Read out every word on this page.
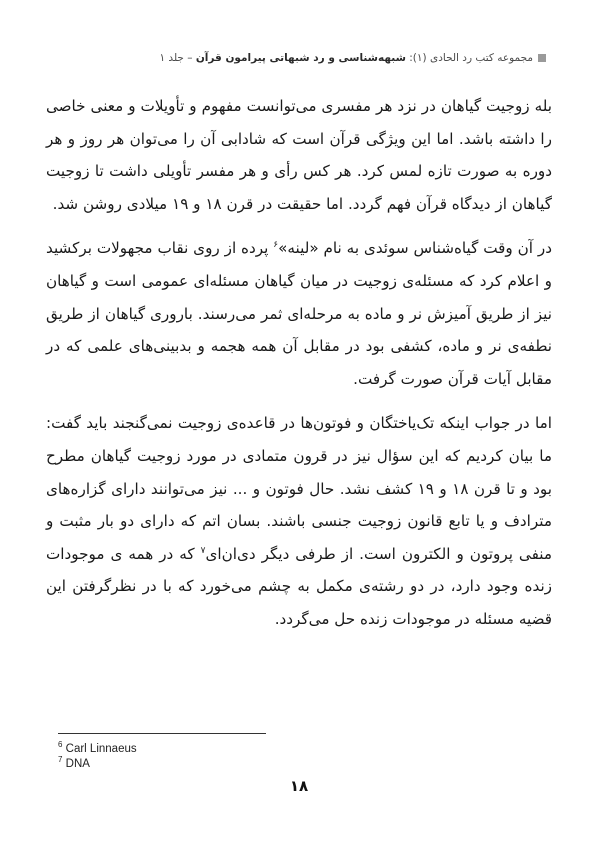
مجموعه کتب رد الحادی (۱): شبهه‌شناسی و رد شبهاتی پیرامون قرآن – جلد ۱

بله زوجیت گیاهان در نزد هر مفسری می‌توانست مفهوم و تأویلات و معنی خاصی را داشته باشد. اما این ویژگی قرآن است که شادابی آن را می‌توان هر روز و هر دوره به صورت تازه لمس کرد. هر کس رأی و هر مفسر تأویلی داشت تا زوجیت گیاهان از دیدگاه قرآن فهم گردد. اما حقیقت در قرن ۱۸ و ۱۹ میلادی روشن شد.

در آن وقت گیاه‌شناس سوئدی به نام «لینه»$^۶$ پرده از روی نقاب مجهولات برکشید و اعلام کرد که مسئله‌ی زوجیت در میان گیاهان مسئله‌ای عمومی است و گیاهان نیز از طریق آمیزش نر و ماده به مرحله‌ای ثمر می‌رسند. باروری گیاهان از طریق نطفه‌ی نر و ماده، کشفی بود در مقابل آن همه هجمه و بدبینی‌های علمی که در مقابل آیات قرآن صورت گرفت.

اما در جواب اینکه تک‌یاختگان و فوتون‌ها در قاعده‌ی زوجیت نمی‌گنجند باید گفت: ما بیان کردیم که این سؤال نیز در قرون متمادی در مورد زوجیت گیاهان مطرح بود و تا قرن ۱۸ و ۱۹ کشف نشد. حال فوتون و ... نیز می‌توانند دارای گزاره‌های مترادف و یا تابع قانون زوجیت جنسی باشند. بسان اتم که دارای دو بار مثبت و منفی پروتون و الکترون است. از طرفی دیگر دی‌ان‌ای$^۷$ که در همه ی موجودات زنده وجود دارد، در دو رشته‌ی مکمل به چشم می‌خورد که با در نظرگرفتن این قضیه مسئله در موجودات زنده حل می‌گردد.

$^6$ Carl Linnaeus
$^7$ DNA
۱۸
